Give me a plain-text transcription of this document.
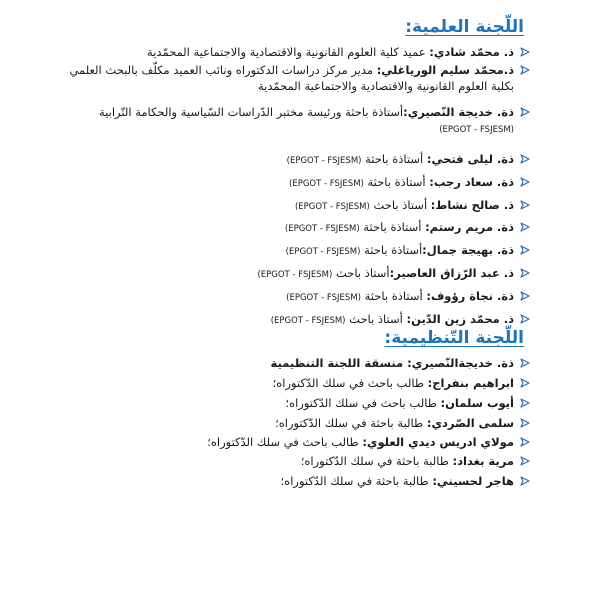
اللّجنة العلمية:
ذ. محمّد شادي: عميد كلية العلوم القانونية والاقتصادية والاجتماعية المحمّدية
ذ.محمّد سليم الورياغلي: مدير مركز دراسات الدكتوراه ونائب العميد مكلّف بالبحث العلمي بكلية العلوم القانونية والاقتصادية والاجتماعية المحمّدية
ذة. خديجة النّصيري:أستاذة باحثة ورئيسة مختبر الدّراسات السّياسية والحكامة التّرابية (EPGOT - FSJESM)
ذة. ليلى فتحي: أستاذة باحثة (EPGOT - FSJESM)
ذة. سعاد رجب: أستاذة باحثة (EPGOT - FSJESM)
ذ. صالح نشاط: أستاذ باحث (EPGOT - FSJESM)
ذة. مريم رستم: أستاذة باحثة (EPGOT - FSJESM)
ذة. بهيجة جمال:أستاذة باحثة (EPGOT - FSJESM)
ذ. عبد الرّزاق العاصير:أستاذ باحث (EPGOT - FSJESM)
ذة. نجاة رؤوف: أستاذة باحثة (EPGOT - FSJESM)
ذ. محمّد زين الدّين: أستاذ باحث (EPGOT - FSJESM)
اللّجنة التّنظيمية:
ذة. خديجةالنّصيري: منسقة اللجنة التنظيمية
ابراهيم بنفراج: طالب باحث في سلك الدّكتوراه؛
أيوب سلمان: طالب باحث في سلك الدّكتوراه؛
سلمى الصّردي: طالبة باحثة في سلك الدّكتوراه؛
مولاي ادريس ديدي العلوي: طالب باحث في سلك الدّكتوراه؛
مرية بغداد: طالبة باحثة في سلك الدّكتوراه؛
هاجر لحسيني: طالبة باحثة في سلك الدّكتوراه؛
